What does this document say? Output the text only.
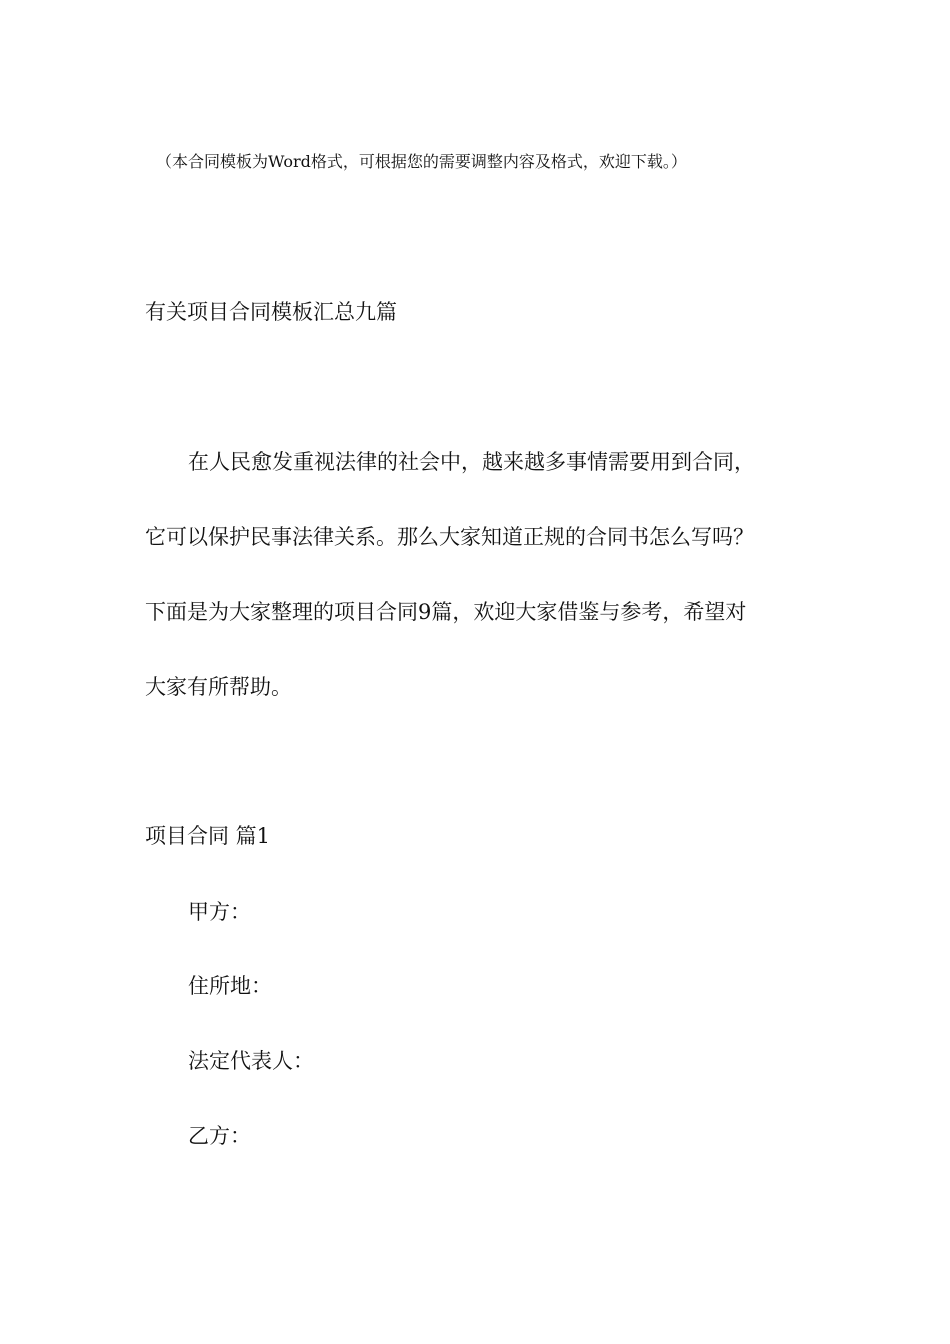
（本合同模板为Word格式，可根据您的需要调整内容及格式，欢迎下载。）
有关项目合同模板汇总九篇
在人民愈发重视法律的社会中，越来越多事情需要用到合同，
它可以保护民事法律关系。那么大家知道正规的合同书怎么写吗？
下面是为大家整理的项目合同9篇，欢迎大家借鉴与参考，希望对
大家有所帮助。
项目合同 篇1
甲方：
住所地：
法定代表人：
乙方：
